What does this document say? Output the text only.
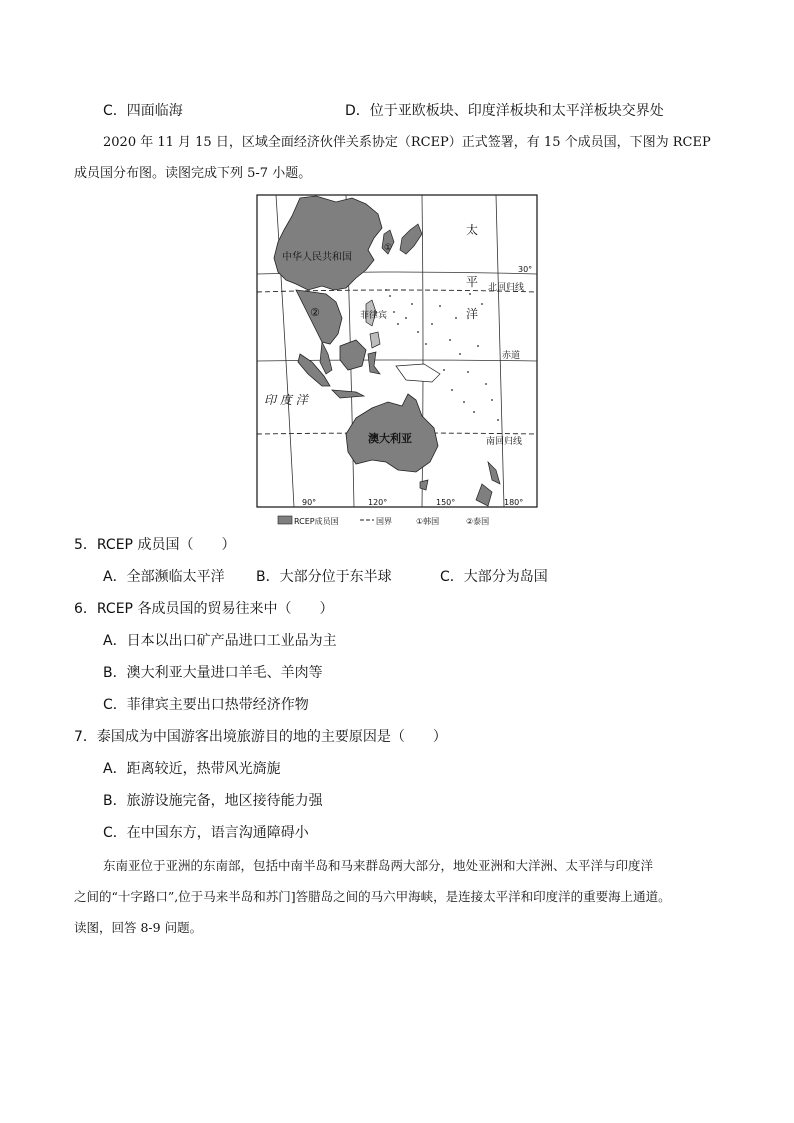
C．四面临海	D．位于亚欧板块、印度洋板块和太平洋板块交界处
2020 年 11 月 15 日，区域全面经济伙伴关系协定（RCEP）正式签署，有 15 个成员国，下图为 RCEP
成员国分布图。读图完成下列 5-7 小题。
中华人民共和国
②
①
太
平
洋
印 度 洋
澳大利亚
菲律宾
北回归线
赤道
南回归线
30°
90°	120°	150°	180°
RCEP成员国	国界	①韩国	②泰国
5．RCEP 成员国（　　）
A．全部濒临太平洋 B．大部分位于东半球	C．大部分为岛国
6．RCEP 各成员国的贸易往来中（　　）
A．日本以出口矿产品进口工业品为主
B．澳大利亚大量进口羊毛、羊肉等
C．菲律宾主要出口热带经济作物
7．泰国成为中国游客出境旅游目的地的主要原因是（　　）
A．距离较近，热带风光旖旎
B．旅游设施完备，地区接待能力强
C．在中国东方，语言沟通障碍小
东南亚位于亚洲的东南部，包括中南半岛和马来群岛两大部分，地处亚洲和大洋洲、太平洋与印度洋
之间的“十字路口”,位于马来半岛和苏门]答腊岛之间的马六甲海峡，是连接太平洋和印度洋的重要海上通道。
读图，回答 8-9 问题。
